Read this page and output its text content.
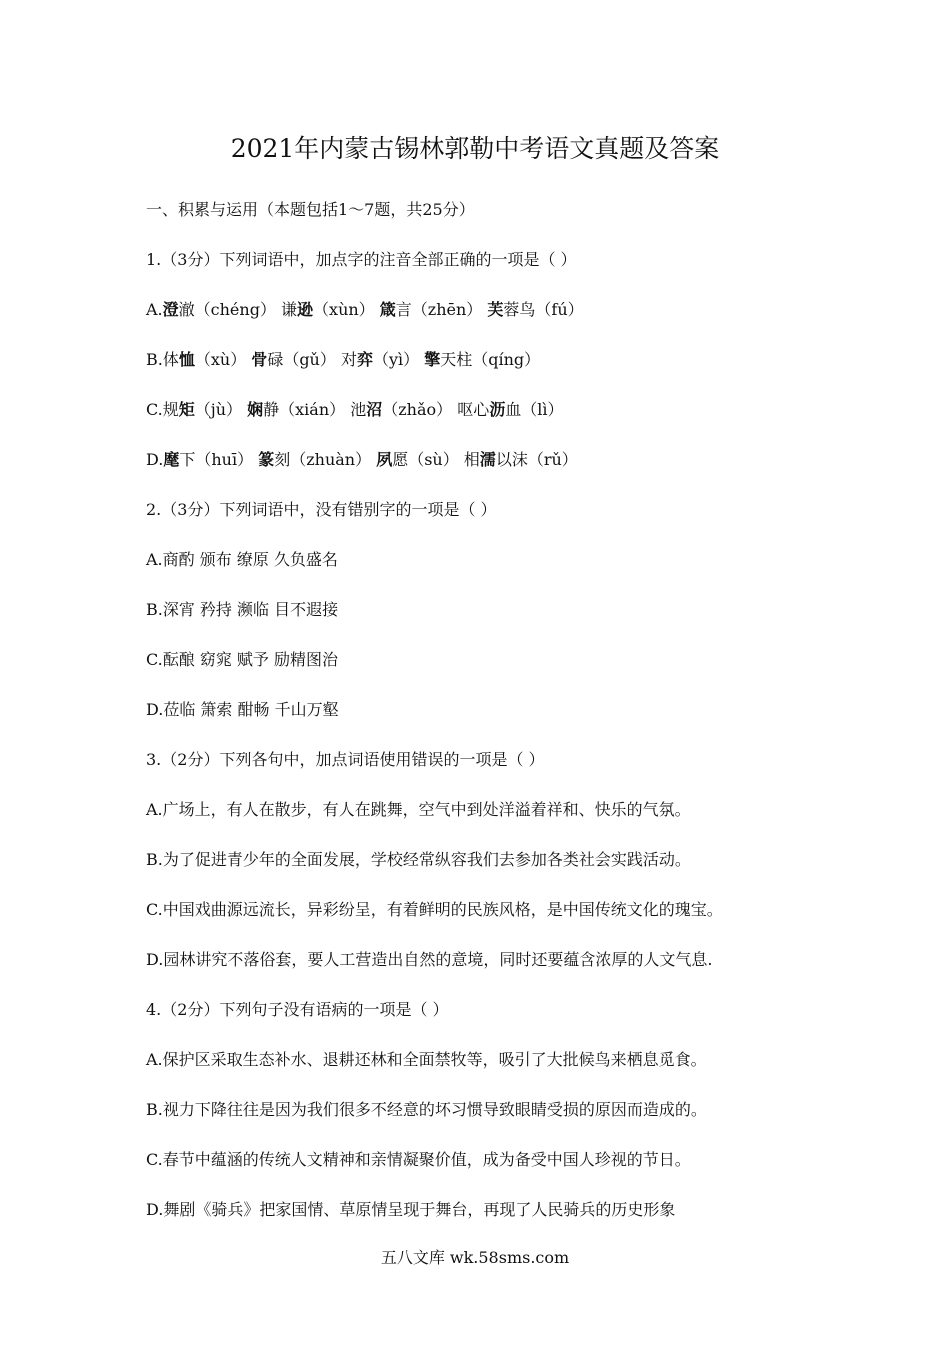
2021年内蒙古锡林郭勒中考语文真题及答案
一、积累与运用（本题包括1～7题，共25分）
1.（3分）下列词语中，加点字的注音全部正确的一项是（ ）
A.澄澈（chéng） 谦逊（xùn） 箴言（zhēn） 芙蓉鸟（fú）
B.体恤（xù） 骨碌（gǔ） 对弈（yì） 擎天柱（qíng）
C.规矩（jù） 娴静（xián） 池沼（zhǎo） 呕心沥血（lì）
D.麾下（huī） 篆刻（zhuàn） 夙愿（sù） 相濡以沫（rǔ）
2.（3分）下列词语中，没有错别字的一项是（ ）
A.商酌 颁布 缭原 久负盛名
B.深宵 矜持 濒临 目不遐接
C.酝酿 窈窕 赋予 励精图治
D.莅临 箫索 酣畅 千山万壑
3.（2分）下列各句中，加点词语使用错误的一项是（ ）
A.广场上，有人在散步，有人在跳舞，空气中到处洋溢着祥和、快乐的气氛。
B.为了促进青少年的全面发展，学校经常纵容我们去参加各类社会实践活动。
C.中国戏曲源远流长，异彩纷呈，有着鲜明的民族风格，是中国传统文化的瑰宝。
D.园林讲究不落俗套，要人工营造出自然的意境，同时还要蕴含浓厚的人文气息.
4.（2分）下列句子没有语病的一项是（ ）
A.保护区采取生态补水、退耕还林和全面禁牧等，吸引了大批候鸟来栖息觅食。
B.视力下降往往是因为我们很多不经意的坏习惯导致眼睛受损的原因而造成的。
C.春节中蕴涵的传统人文精神和亲情凝聚价值，成为备受中国人珍视的节日。
D.舞剧《骑兵》把家国情、草原情呈现于舞台，再现了人民骑兵的历史形象
五八文库 wk.58sms.com
